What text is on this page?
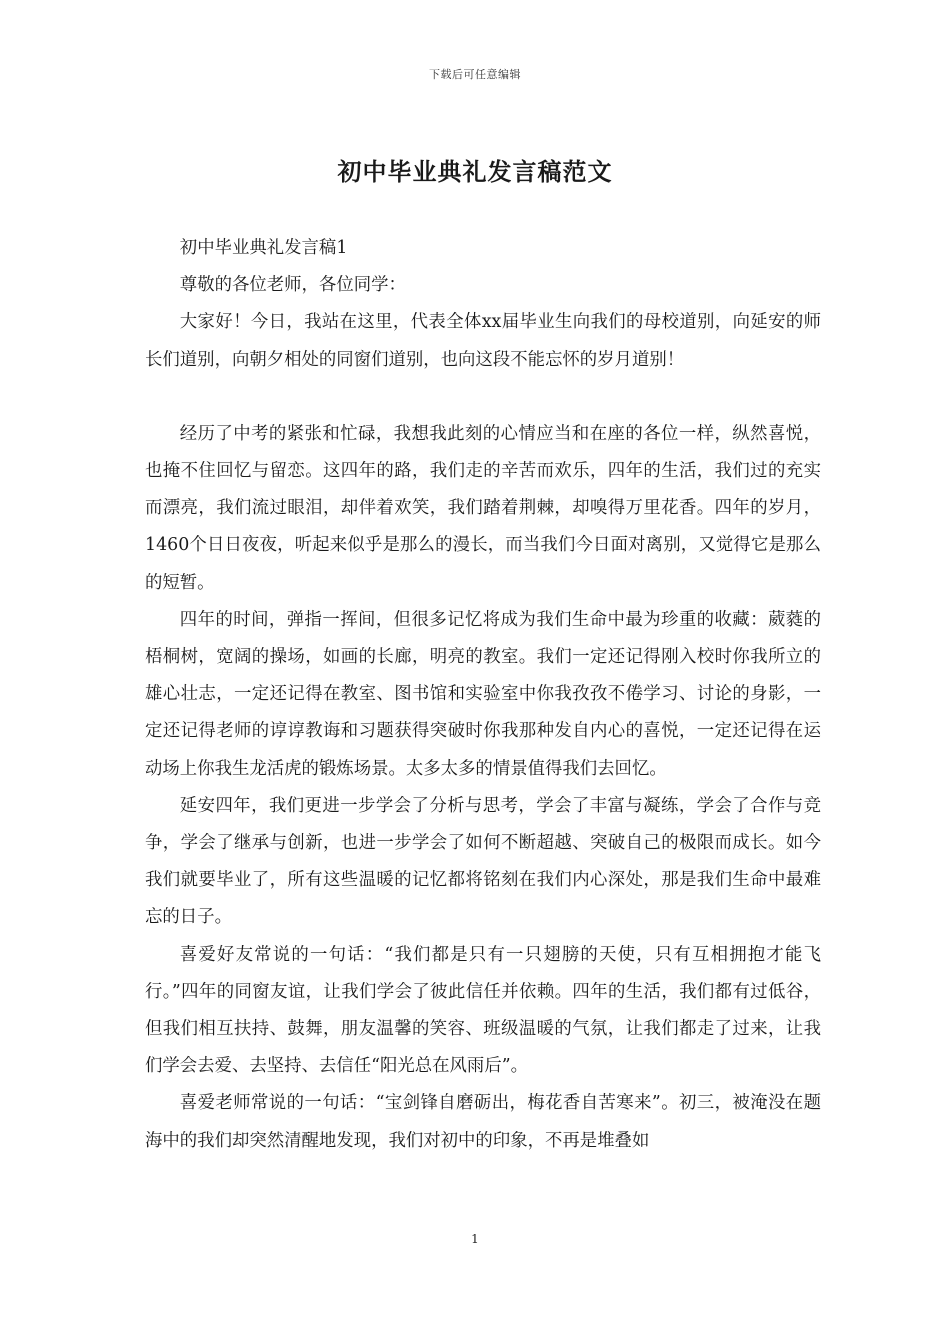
下载后可任意编辑
初中毕业典礼发言稿范文

初中毕业典礼发言稿1

尊敬的各位老师，各位同学：

大家好！今日，我站在这里，代表全体xx届毕业生向我们的母校道别，向延安的师长们道别，向朝夕相处的同窗们道别，也向这段不能忘怀的岁月道别！

经历了中考的紧张和忙碌，我想我此刻的心情应当和在座的各位一样，纵然喜悦，也掩不住回忆与留恋。这四年的路，我们走的辛苦而欢乐，四年的生活，我们过的充实而漂亮，我们流过眼泪，却伴着欢笑，我们踏着荆棘，却嗅得万里花香。四年的岁月，1460个日日夜夜，听起来似乎是那么的漫长，而当我们今日面对离别，又觉得它是那么的短暂。

四年的时间，弹指一挥间，但很多记忆将成为我们生命中最为珍重的收藏：葳蕤的梧桐树，宽阔的操场，如画的长廊，明亮的教室。我们一定还记得刚入校时你我所立的雄心壮志，一定还记得在教室、图书馆和实验室中你我孜孜不倦学习、讨论的身影，一定还记得老师的谆谆教诲和习题获得突破时你我那种发自内心的喜悦，一定还记得在运动场上你我生龙活虎的锻炼场景。太多太多的情景值得我们去回忆。

延安四年，我们更进一步学会了分析与思考，学会了丰富与凝练，学会了合作与竞争，学会了继承与创新，也进一步学会了如何不断超越、突破自己的极限而成长。如今我们就要毕业了，所有这些温暖的记忆都将铭刻在我们内心深处，那是我们生命中最难忘的日子。

喜爱好友常说的一句话：“我们都是只有一只翅膀的天使，只有互相拥抱才能飞行。”四年的同窗友谊，让我们学会了彼此信任并依赖。四年的生活，我们都有过低谷，但我们相互扶持、鼓舞，朋友温馨的笑容、班级温暖的气氛，让我们都走了过来，让我们学会去爱、去坚持、去信任“阳光总在风雨后”。

喜爱老师常说的一句话：“宝剑锋自磨砺出，梅花香自苦寒来”。初三，被淹没在题海中的我们却突然清醒地发现，我们对初中的印象，不再是堆叠如

1
